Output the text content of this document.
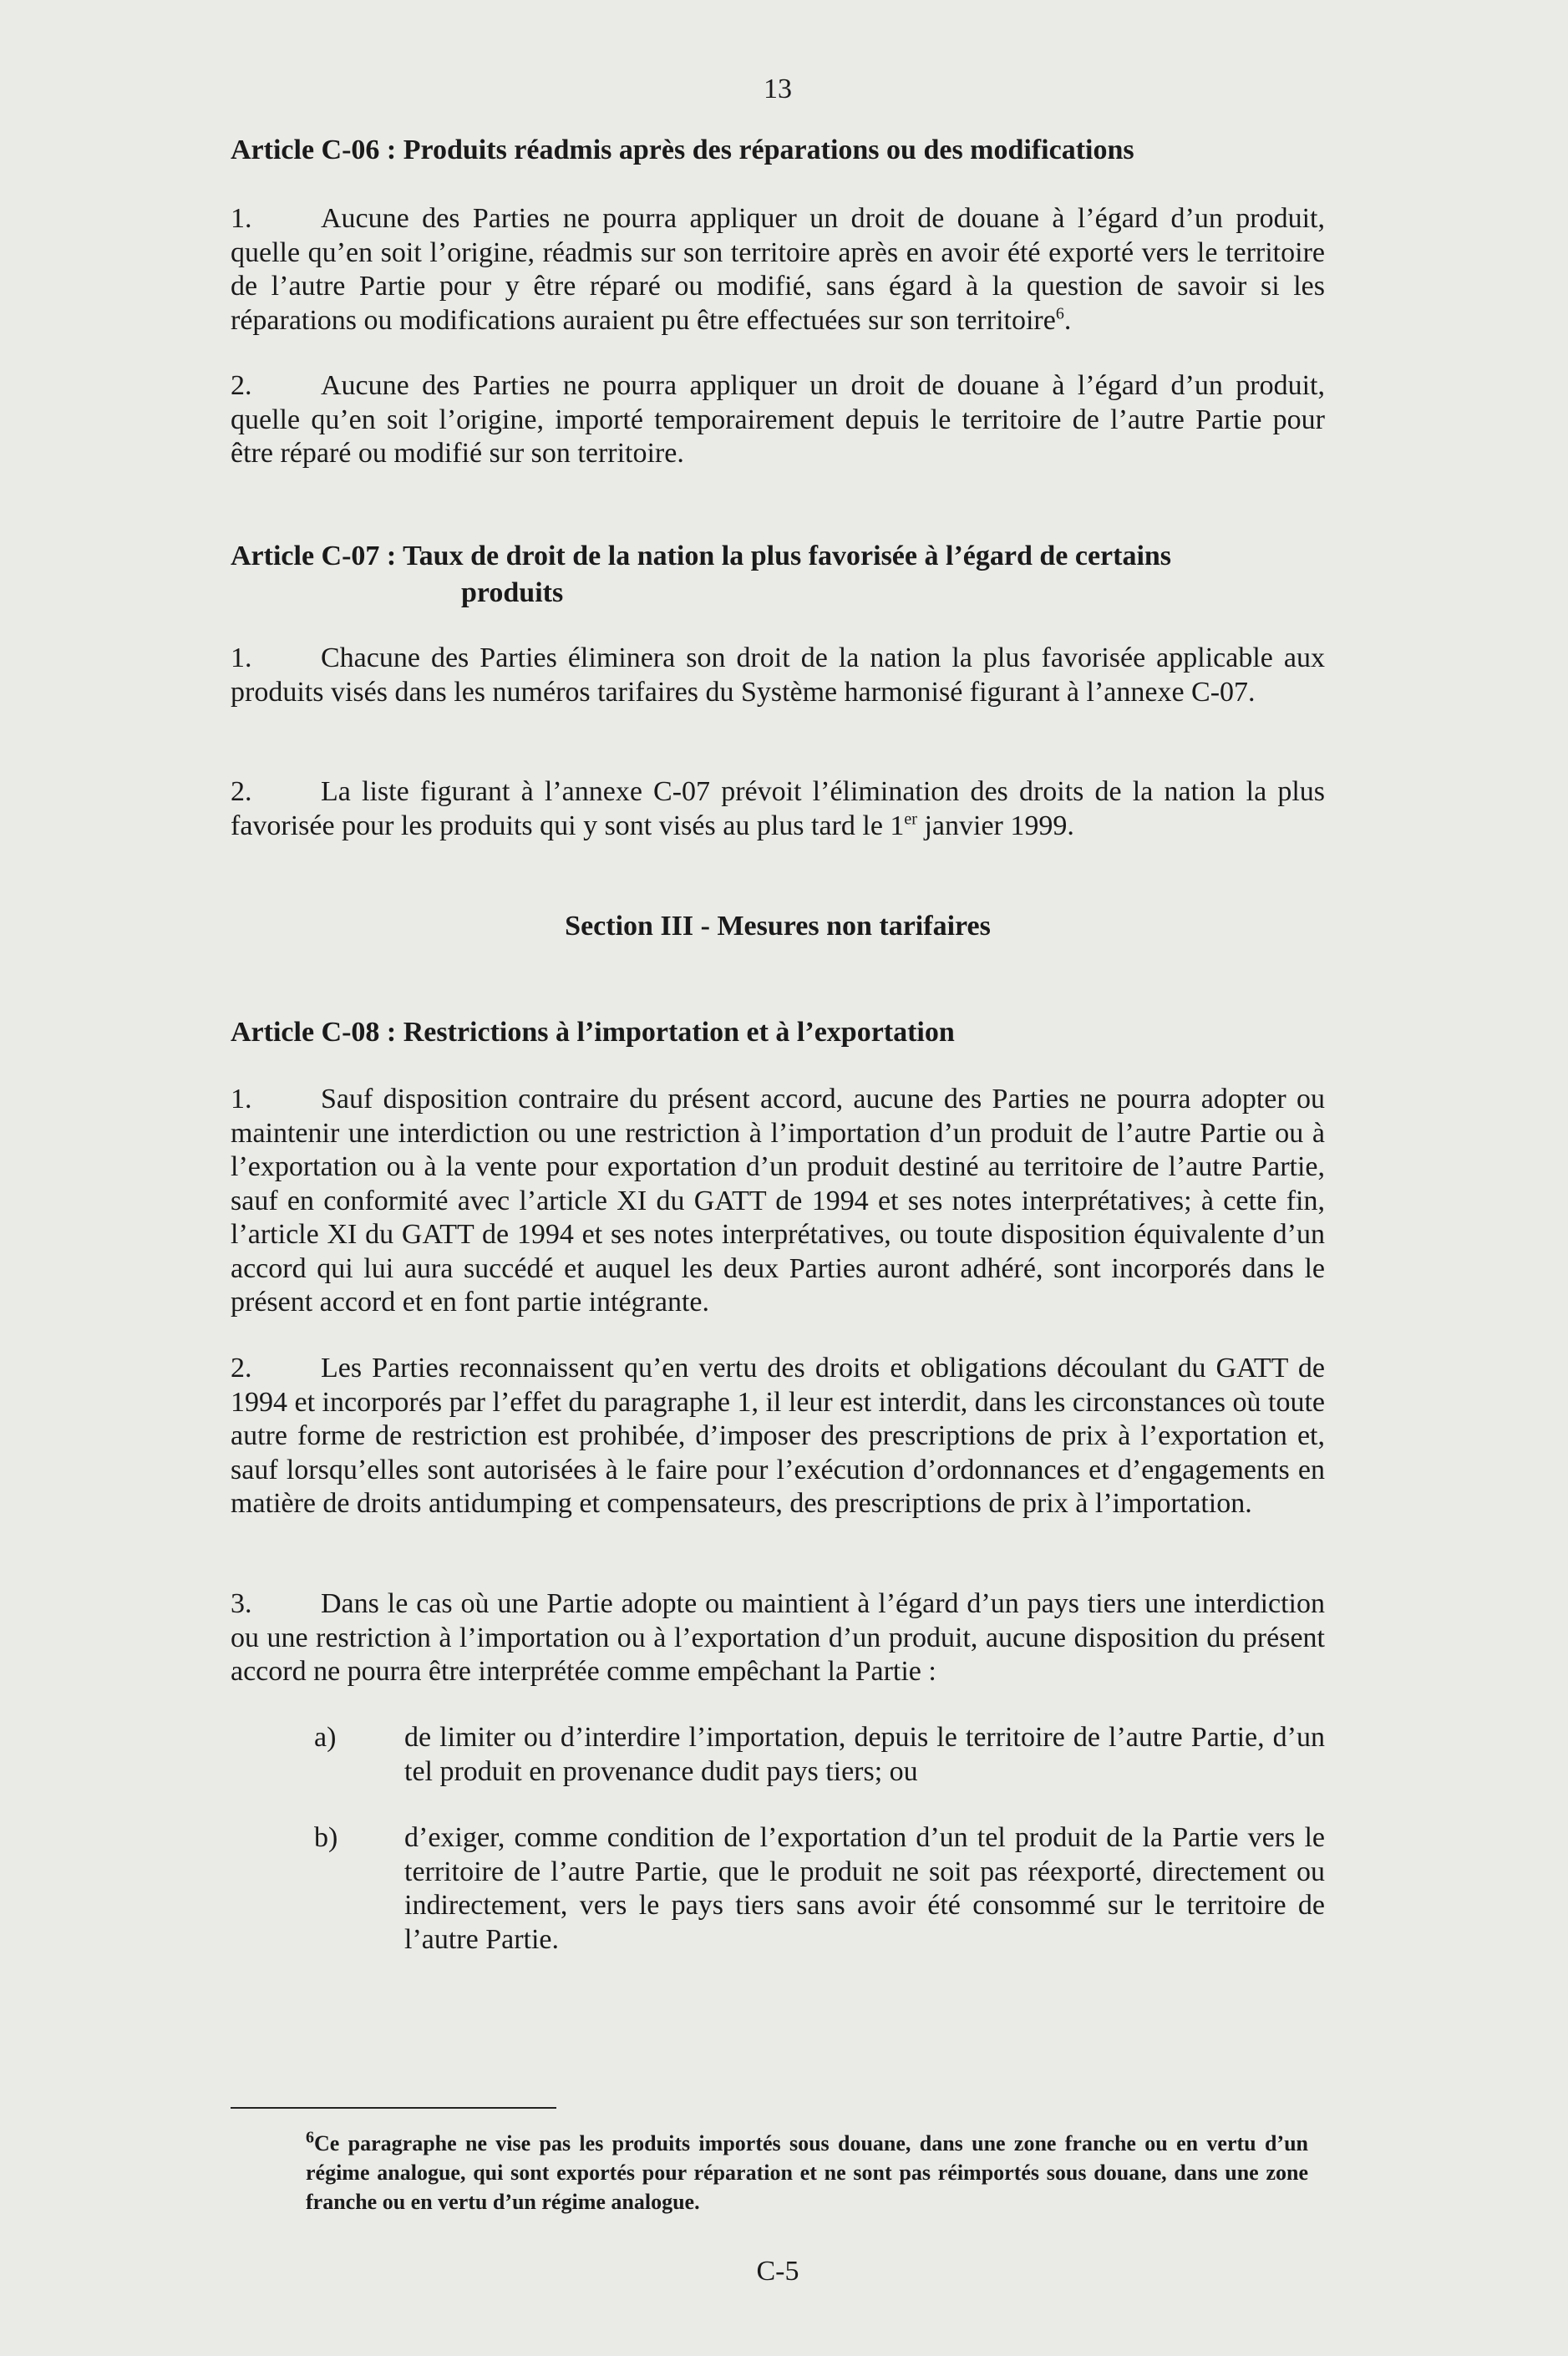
13
Article C-06 : Produits réadmis après des réparations ou des modifications
1. Aucune des Parties ne pourra appliquer un droit de douane à l’égard d’un produit, quelle qu’en soit l’origine, réadmis sur son territoire après en avoir été exporté vers le territoire de l’autre Partie pour y être réparé ou modifié, sans égard à la question de savoir si les réparations ou modifications auraient pu être effectuées sur son territoire$^6$.
2. Aucune des Parties ne pourra appliquer un droit de douane à l’égard d’un produit, quelle qu’en soit l’origine, importé temporairement depuis le territoire de l’autre Partie pour être réparé ou modifié sur son territoire.
Article C-07 : Taux de droit de la nation la plus favorisée à l’égard de certains
produits
1. Chacune des Parties éliminera son droit de la nation la plus favorisée applicable aux produits visés dans les numéros tarifaires du Système harmonisé figurant à l’annexe C-07.
2. La liste figurant à l’annexe C-07 prévoit l’élimination des droits de la nation la plus favorisée pour les produits qui y sont visés au plus tard le 1er janvier 1999.
Section III - Mesures non tarifaires
Article C-08 : Restrictions à l’importation et à l’exportation
1. Sauf disposition contraire du présent accord, aucune des Parties ne pourra adopter ou maintenir une interdiction ou une restriction à l’importation d’un produit de l’autre Partie ou à l’exportation ou à la vente pour exportation d’un produit destiné au territoire de l’autre Partie, sauf en conformité avec l’article XI du GATT de 1994 et ses notes interprétatives; à cette fin, l’article XI du GATT de 1994 et ses notes interprétatives, ou toute disposition équivalente d’un accord qui lui aura succédé et auquel les deux Parties auront adhéré, sont incorporés dans le présent accord et en font partie intégrante.
2. Les Parties reconnaissent qu’en vertu des droits et obligations découlant du GATT de 1994 et incorporés par l’effet du paragraphe 1, il leur est interdit, dans les circonstances où toute autre forme de restriction est prohibée, d’imposer des prescriptions de prix à l’exportation et, sauf lorsqu’elles sont autorisées à le faire pour l’exécution d’ordonnances et d’engagements en matière de droits antidumping et compensateurs, des prescriptions de prix à l’importation.
3. Dans le cas où une Partie adopte ou maintient à l’égard d’un pays tiers une interdiction ou une restriction à l’importation ou à l’exportation d’un produit, aucune disposition du présent accord ne pourra être interprétée comme empêchant la Partie :
a) de limiter ou d’interdire l’importation, depuis le territoire de l’autre Partie, d’un tel produit en provenance dudit pays tiers; ou
b) d’exiger, comme condition de l’exportation d’un tel produit de la Partie vers le territoire de l’autre Partie, que le produit ne soit pas réexporté, directement ou indirectement, vers le pays tiers sans avoir été consommé sur le territoire de l’autre Partie.
$^6$Ce paragraphe ne vise pas les produits importés sous douane, dans une zone franche ou en vertu d’un régime analogue, qui sont exportés pour réparation et ne sont pas réimportés sous douane, dans une zone franche ou en vertu d’un régime analogue.
C-5
